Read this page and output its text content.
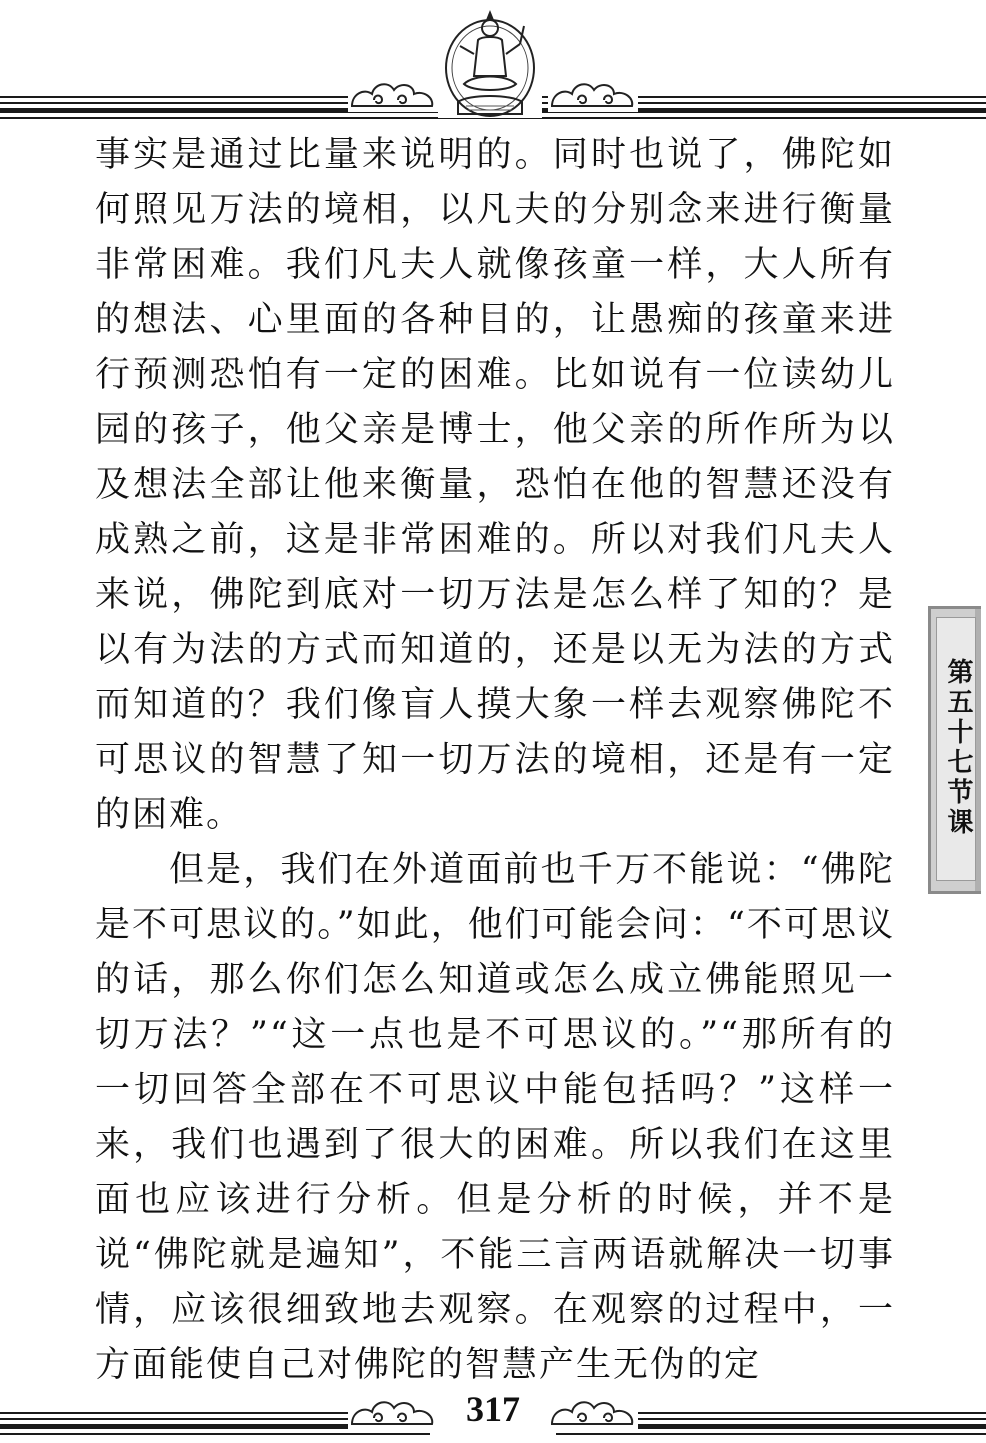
事实是通过比量来说明的。同时也说了，佛陀如何照见万法的境相，以凡夫的分别念来进行衡量非常困难。我们凡夫人就像孩童一样，大人所有的想法、心里面的各种目的，让愚痴的孩童来进行预测恐怕有一定的困难。比如说有一位读幼儿园的孩子，他父亲是博士，他父亲的所作所为以及想法全部让他来衡量，恐怕在他的智慧还没有成熟之前，这是非常困难的。所以对我们凡夫人来说，佛陀到底对一切万法是怎么样了知的？是以有为法的方式而知道的，还是以无为法的方式而知道的？我们像盲人摸大象一样去观察佛陀不可思议的智慧了知一切万法的境相，还是有一定的困难。

但是，我们在外道面前也千万不能说：“佛陀是不可思议的。”如此，他们可能会问：“不可思议的话，那么你们怎么知道或怎么成立佛能照见一切万法？”“这一点也是不可思议的。”“那所有的一切回答全部在不可思议中能包括吗？”这样一来，我们也遇到了很大的困难。所以我们在这里面也应该进行分析。但是分析的时候，并不是说“佛陀就是遍知”，不能三言两语就解决一切事情，应该很细致地去观察。在观察的过程中，一方面能使自己对佛陀的智慧产生无伪的定

第五十七节课
317
